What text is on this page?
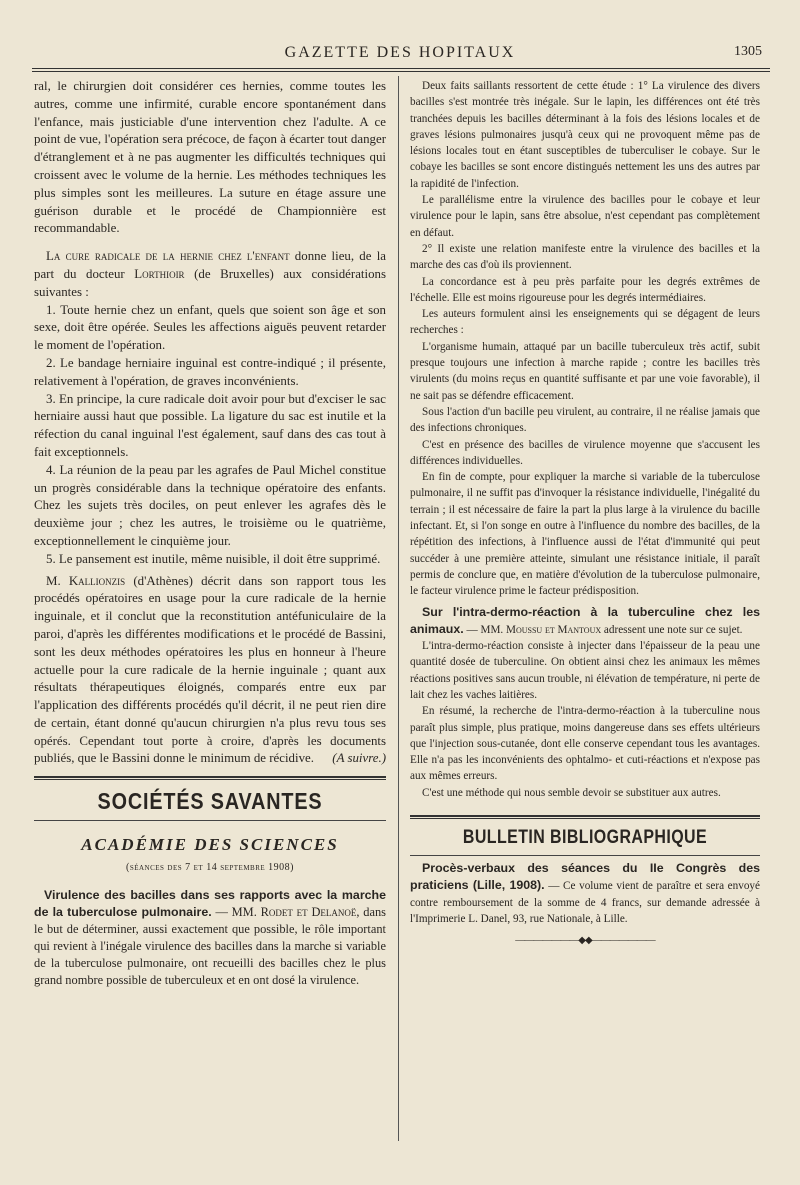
GAZETTE DES HOPITAUX	1305

ral, le chirurgien doit considérer ces hernies, comme toutes les autres, comme une infirmité, curable encore spontanément dans l'enfance, mais justiciable d'une intervention chez l'adulte. A ce point de vue, l'opération sera précoce, de façon à écarter tout danger d'étranglement et à ne pas augmenter les difficultés techniques qui croissent avec le volume de la hernie. Les méthodes techniques les plus simples sont les meilleures. La suture en étage assure une guérison durable et le procédé de Championnière est recommandable.

La cure radicale de la hernie chez l'enfant donne lieu, de la part du docteur Lorthioir (de Bruxelles) aux considérations suivantes :

1. Toute hernie chez un enfant, quels que soient son âge et son sexe, doit être opérée. Seules les affections aiguës peuvent retarder le moment de l'opération.

2. Le bandage herniaire inguinal est contre-indiqué ; il présente, relativement à l'opération, de graves inconvénients.

3. En principe, la cure radicale doit avoir pour but d'exciser le sac herniaire aussi haut que possible. La ligature du sac est inutile et la réfection du canal inguinal l'est également, sauf dans des cas tout à fait exceptionnels.

4. La réunion de la peau par les agrafes de Paul Michel constitue un progrès considérable dans la technique opératoire des enfants. Chez les sujets très dociles, on peut enlever les agrafes dès le deuxième jour ; chez les autres, le troisième ou le quatrième, exceptionnellement le cinquième jour.

5. Le pansement est inutile, même nuisible, il doit être supprimé.

M. Kallionzis (d'Athènes) décrit dans son rapport tous les procédés opératoires en usage pour la cure radicale de la hernie inguinale, et il conclut que la reconstitution antéfuniculaire de la paroi, d'après les différentes modifications et le procédé de Bassini, sont les deux méthodes opératoires les plus en honneur à l'heure actuelle pour la cure radicale de la hernie inguinale ; quant aux résultats thérapeutiques éloignés, comparés entre eux par l'application des différents procédés qu'il décrit, il ne peut rien dire de certain, étant donné qu'aucun chirurgien n'a plus revu tous ses opérés. Cependant tout porte à croire, d'après les documents publiés, que le Bassini donne le minimum de récidive.	(A suivre.)

SOCIÉTÉS SAVANTES
ACADÉMIE DES SCIENCES
(séances des 7 et 14 septembre 1908)

Virulence des bacilles dans ses rapports avec la marche de la tuberculose pulmonaire. — MM. Rodet et Delanoë, dans le but de déterminer, aussi exactement que possible, le rôle important qui revient à l'inégale virulence des bacilles dans la marche si variable de la tuberculose pulmonaire, ont recueilli des bacilles chez le plus grand nombre possible de tuberculeux et en ont dosé la virulence.

Deux faits saillants ressortent de cette étude : 1° La virulence des divers bacilles s'est montrée très inégale. Sur le lapin, les différences ont été très tranchées depuis les bacilles déterminant à la fois des lésions locales et de graves lésions pulmonaires jusqu'à ceux qui ne provoquent même pas de lésions locales tout en étant susceptibles de tuberculiser le cobaye. Sur le cobaye les bacilles se sont encore distingués nettement les uns des autres par la rapidité de l'infection.

Le parallélisme entre la virulence des bacilles pour le cobaye et leur virulence pour le lapin, sans être absolue, n'est cependant pas complètement en défaut.

2° Il existe une relation manifeste entre la virulence des bacilles et la marche des cas d'où ils proviennent.

La concordance est à peu près parfaite pour les degrés extrêmes de l'échelle. Elle est moins rigoureuse pour les degrés intermédiaires.

Les auteurs formulent ainsi les enseignements qui se dégagent de leurs recherches :

L'organisme humain, attaqué par un bacille tuberculeux très actif, subit presque toujours une infection à marche rapide ; contre les bacilles très virulents (du moins reçus en quantité suffisante et par une voie favorable), il ne sait pas se défendre efficacement.

Sous l'action d'un bacille peu virulent, au contraire, il ne réalise jamais que des infections chroniques.

C'est en présence des bacilles de virulence moyenne que s'accusent les différences individuelles.

En fin de compte, pour expliquer la marche si variable de la tuberculose pulmonaire, il ne suffit pas d'invoquer la résistance individuelle, l'inégalité du terrain ; il est nécessaire de faire la part la plus large à la virulence du bacille infectant. Et, si l'on songe en outre à l'influence du nombre des bacilles, de la répétition des infections, à l'influence aussi de l'état d'immunité qui peut succéder à une première atteinte, simulant une résistance initiale, il paraît permis de conclure que, en matière d'évolution de la tuberculose pulmonaire, le facteur virulence prime le facteur prédisposition.

Sur l'intra-dermo-réaction à la tuberculine chez les animaux. — MM. Moussu et Mantoux adressent une note sur ce sujet.

L'intra-dermo-réaction consiste à injecter dans l'épaisseur de la peau une quantité dosée de tuberculine. On obtient ainsi chez les animaux les mêmes réactions positives sans aucun trouble, ni élévation de température, ni perte de lait chez les vaches laitières.

En résumé, la recherche de l'intra-dermo-réaction à la tuberculine nous paraît plus simple, plus pratique, moins dangereuse dans ses effets ultérieurs que l'injection sous-cutanée, dont elle conserve cependant tous les avantages. Elle n'a pas les inconvénients des ophtalmo- et cuti-réactions et n'expose pas aux mêmes erreurs.

C'est une méthode qui nous semble devoir se substituer aux autres.

BULLETIN BIBLIOGRAPHIQUE

Procès-verbaux des séances du IIe Congrès des praticiens (Lille, 1908). — Ce volume vient de paraître et sera envoyé contre remboursement de la somme de 4 francs, sur demande adressée à l'Imprimerie L. Danel, 93, rue Nationale, à Lille.

———————◆◆———————
